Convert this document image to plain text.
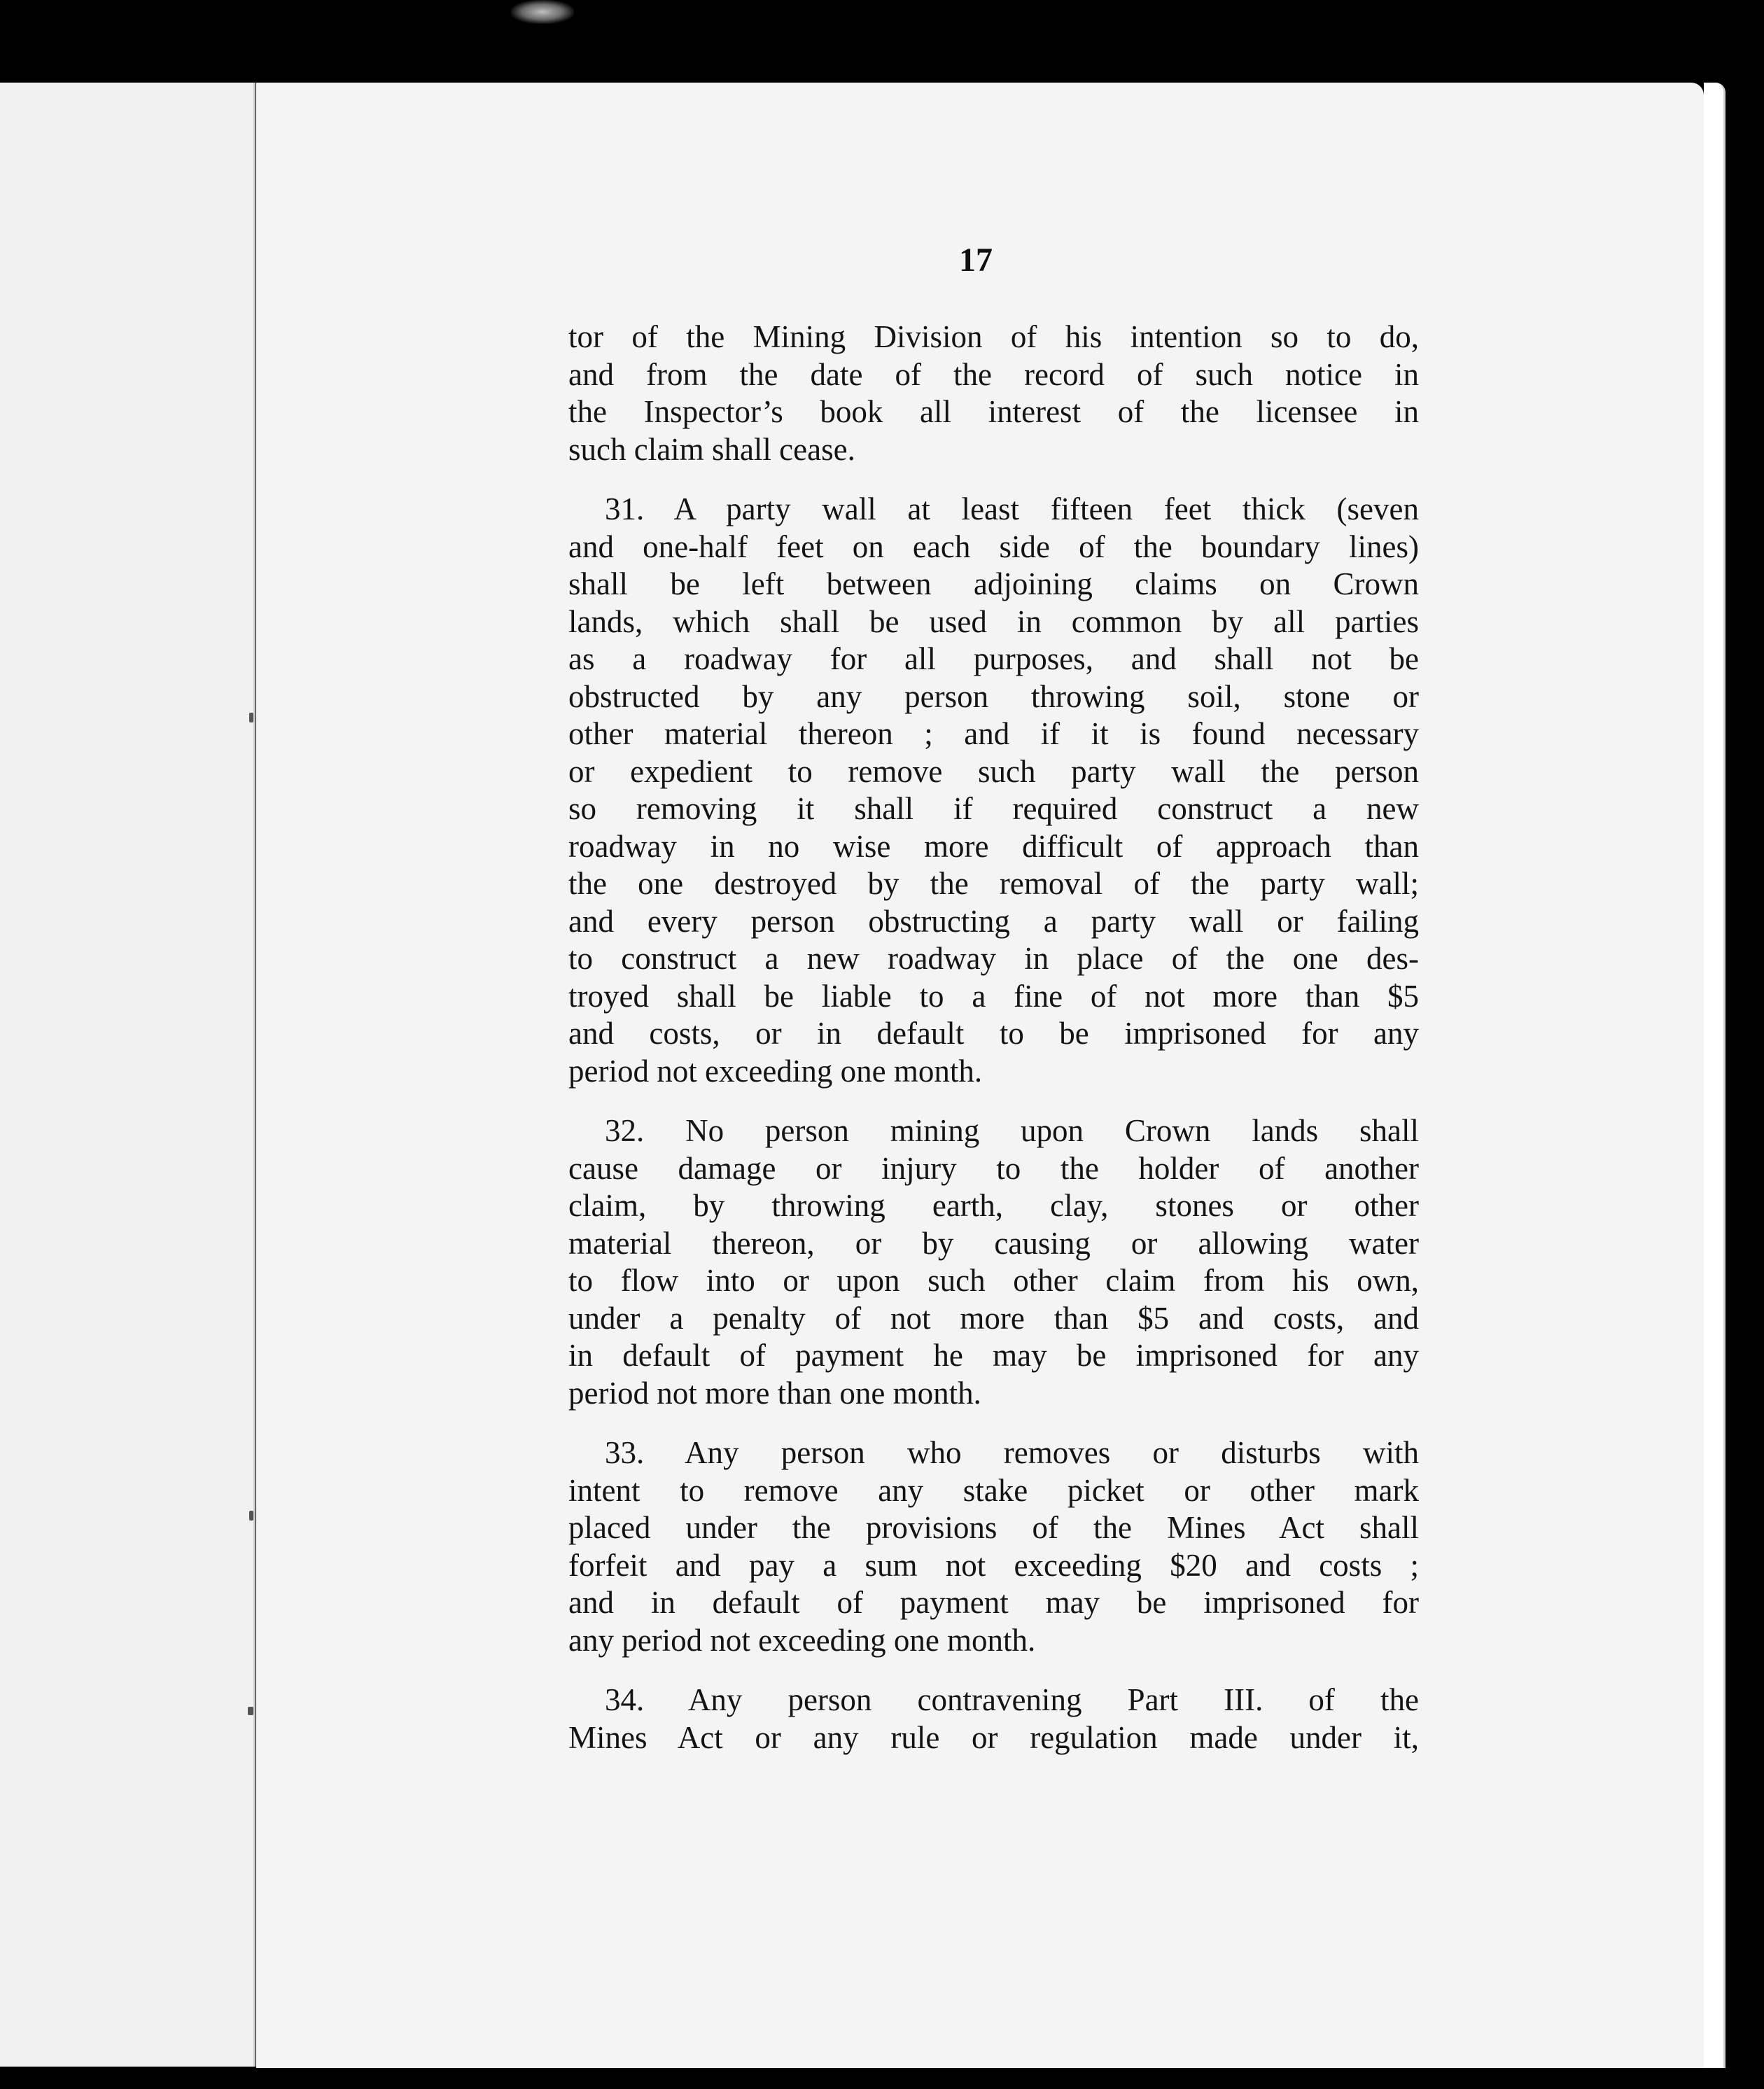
17
tor of the Mining Division of his intention so to do,
and from the date of the record of such notice in
the Inspector’s book all interest of the licensee in
such claim shall cease.
31. A party wall at least fifteen feet thick (seven
and one-half feet on each side of the boundary lines)
shall be left between adjoining claims on Crown
lands, which shall be used in common by all parties
as a roadway for all purposes, and shall not be
obstructed by any person throwing soil, stone or
other material thereon ; and if it is found necessary
or expedient to remove such party wall the person
so removing it shall if required construct a new
roadway in no wise more difficult of approach than
the one destroyed by the removal of the party wall;
and every person obstructing a party wall or failing
to construct a new roadway in place of the one des-
troyed shall be liable to a fine of not more than $5
and costs, or in default to be imprisoned for any
period not exceeding one month.
32. No person mining upon Crown lands shall
cause damage or injury to the holder of another
claim, by throwing earth, clay, stones or other
material thereon, or by causing or allowing water
to flow into or upon such other claim from his own,
under a penalty of not more than $5 and costs, and
in default of payment he may be imprisoned for any
period not more than one month.
33. Any person who removes or disturbs with
intent to remove any stake picket or other mark
placed under the provisions of the Mines Act shall
forfeit and pay a sum not exceeding $20 and costs ;
and in default of payment may be imprisoned for
any period not exceeding one month.
34. Any person contravening Part III. of the
Mines Act or any rule or regulation made under it,
